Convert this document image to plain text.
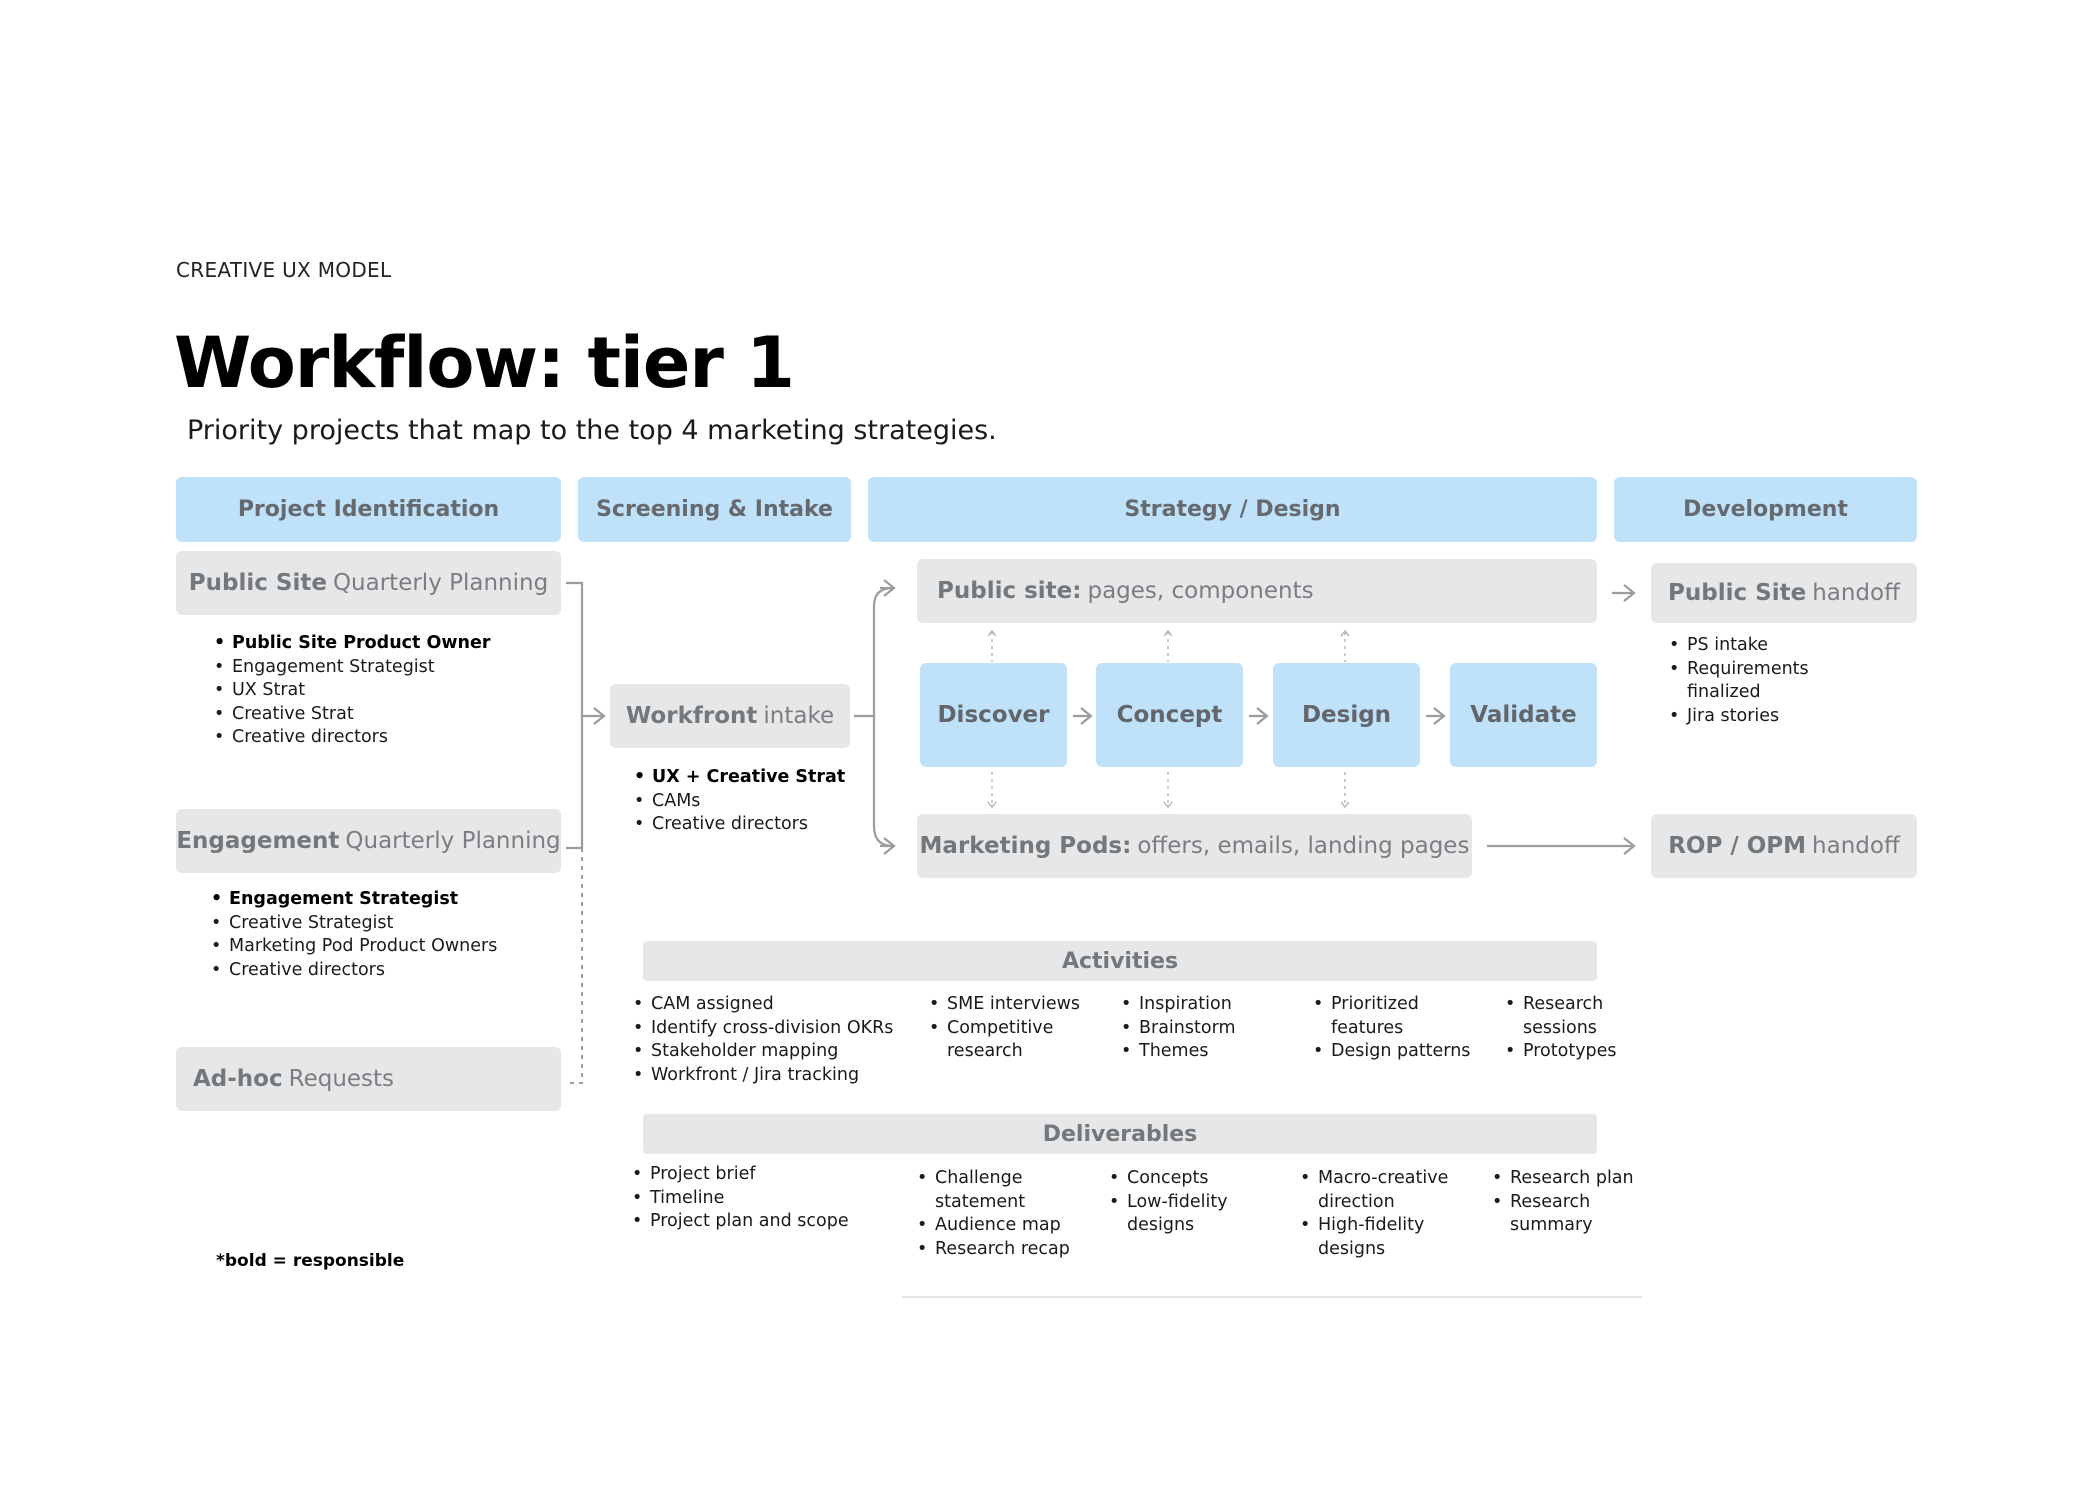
CREATIVE UX MODEL
Workflow: tier 1
Priority projects that map to the top 4 marketing strategies.
Project Identification	Screening & Intake	Strategy / Design	Development
Public Site Quarterly Planning
• Public Site Product Owner
• Engagement Strategist
• UX Strat
• Creative Strat
• Creative directors
Engagement Quarterly Planning
• Engagement Strategist
• Creative Strategist
• Marketing Pod Product Owners
• Creative directors
Ad-hoc Requests
Workfront intake
• UX + Creative Strat
• CAMs
• Creative directors
Public site: pages, components
Discover	Concept	Design	Validate
Marketing Pods: offers, emails, landing pages
Public Site handoff
• PS intake
• Requirements finalized
• Jira stories
ROP / OPM handoff
Activities
• CAM assigned
• Identify cross-division OKRs
• Stakeholder mapping
• Workfront / Jira tracking
• SME interviews
• Competitive research
• Inspiration
• Brainstorm
• Themes
• Prioritized features
• Design patterns
• Research sessions
• Prototypes
Deliverables
• Project brief
• Timeline
• Project plan and scope
• Challenge statement
• Audience map
• Research recap
• Concepts
• Low-fidelity designs
• Macro-creative direction
• High-fidelity designs
• Research plan
• Research summary
*bold = responsible
